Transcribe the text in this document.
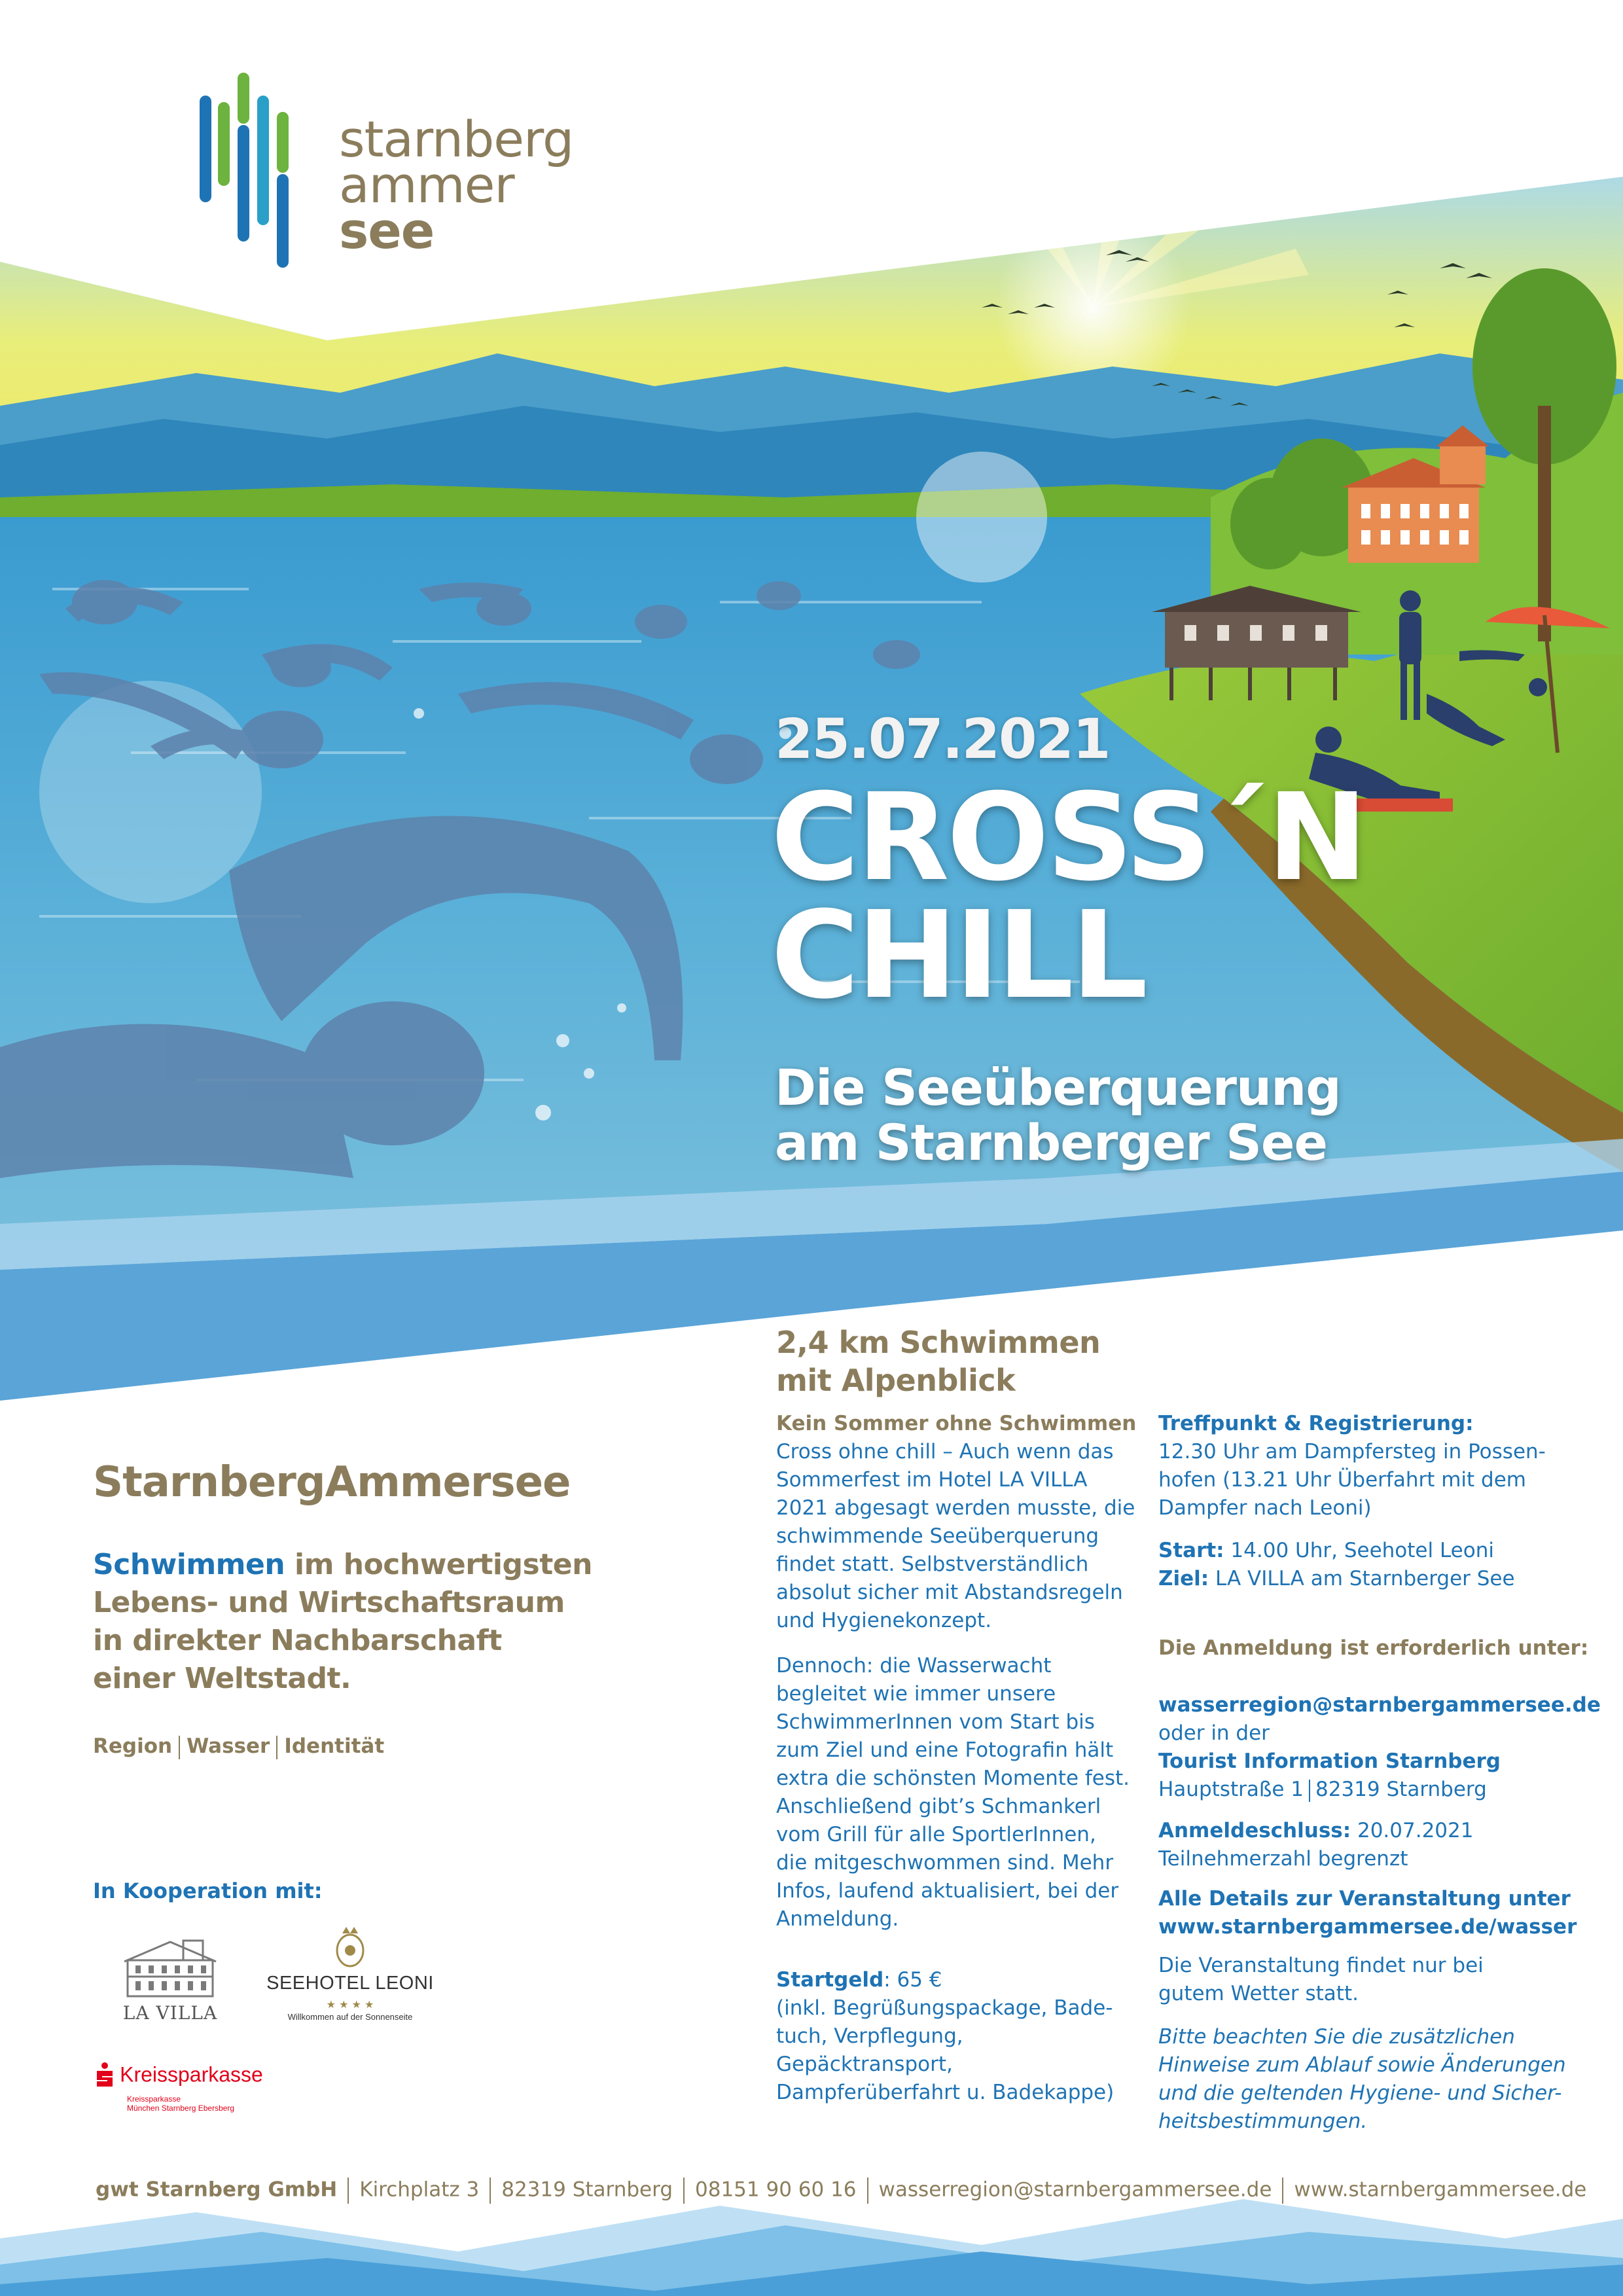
starnberg
ammer
see
25.07.2021
CROSS´N
CHILL
Die Seeüberquerung
am Starnberger See
StarnbergAmmersee
Schwimmen im hochwertigsten
Lebens- und Wirtschaftsraum
in direkter Nachbarschaft
einer Weltstadt.
Region Wasser Identität
In Kooperation mit:
LA VILLA
SEEHOTEL LEONI
★ ★ ★ ★
Willkommen auf der Sonnenseite
Kreissparkasse
Kreissparkasse
München Starnberg Ebersberg
2,4 km Schwimmen
mit Alpenblick
Kein Sommer ohne Schwimmen
Cross ohne chill – Auch wenn das
Sommerfest im Hotel LA VILLA
2021 abgesagt werden musste, die
schwimmende Seeüberquerung
findet statt. Selbstverständlich
absolut sicher mit Abstandsregeln
und Hygienekonzept.
Dennoch: die Wasserwacht
begleitet wie immer unsere
SchwimmerInnen vom Start bis
zum Ziel und eine Fotografin hält
extra die schönsten Momente fest.
Anschließend gibt’s Schmankerl
vom Grill für alle SportlerInnen,
die mitgeschwommen sind. Mehr
Infos, laufend aktualisiert, bei der
Anmeldung.
Startgeld: 65 €
(inkl. Begrüßungspackage, Bade-
tuch, Verpflegung, Gepäcktransport,
Dampferüberfahrt u. Badekappe)
Treffpunkt & Registrierung:
12.30 Uhr am Dampfersteg in Possen-
hofen (13.21 Uhr Überfahrt mit dem
Dampfer nach Leoni)
Start: 14.00 Uhr, Seehotel Leoni
Ziel: LA VILLA am Starnberger See
Die Anmeldung ist erforderlich unter:
wasserregion@starnbergammersee.de
oder in der
Tourist Information Starnberg
Hauptstraße 1 82319 Starnberg
Anmeldeschluss: 20.07.2021
Teilnehmerzahl begrenzt
Alle Details zur Veranstaltung unter
www.starnbergammersee.de/wasser
Die Veranstaltung findet nur bei
gutem Wetter statt.
Bitte beachten Sie die zusätzlichen
Hinweise zum Ablauf sowie Änderungen
und die geltenden Hygiene- und Sicher-
heitsbestimmungen.
gwt Starnberg GmbH Kirchplatz 3 82319 Starnberg 08151 90 60 16 wasserregion@starnbergammersee.de www.starnbergammersee.de
